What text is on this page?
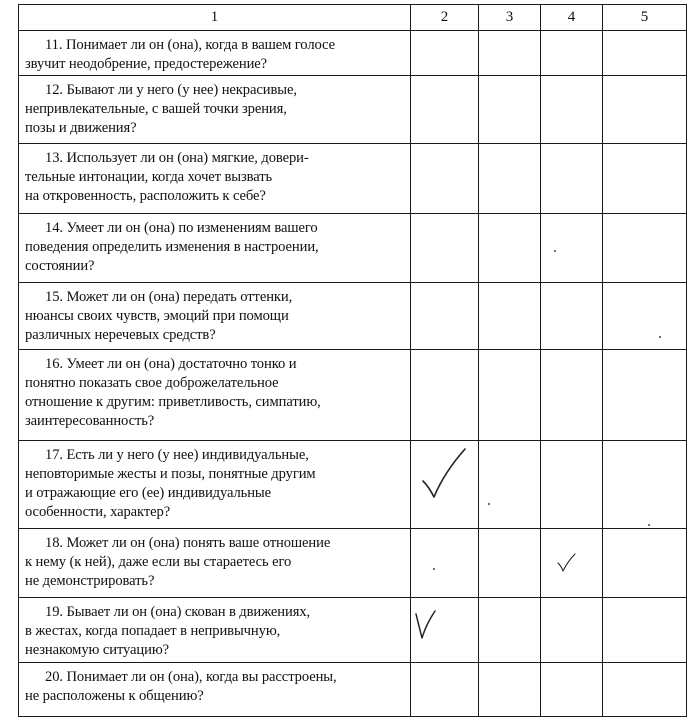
1	2	3	4	5

11. Понимает ли он (она), когда в вашем голосе
звучит неодобрение, предостережение?				

12. Бывают ли у него (у нее) некрасивые,
непривлекательные, с вашей точки зрения,
позы и движения?				

13. Использует ли он (она) мягкие, довери-
тельные интонации, когда хочет вызвать
на откровенность, расположить к себе?				

14. Умеет ли он (она) по изменениям вашего
поведения определить изменения в настроении,
состоянии?				

15. Может ли он (она) передать оттенки,
нюансы своих чувств, эмоций при помощи
различных неречевых средств?				

16. Умеет ли он (она) достаточно тонко и
понятно показать свое доброжелательное
отношение к другим: приветливость, симпатию,
заинтересованность?				

17. Есть ли у него (у нее) индивидуальные,
неповторимые жесты и позы, понятные другим
и отражающие его (ее) индивидуальные
особенности, характер?

18. Может ли он (она) понять ваше отношение
к нему (к ней), даже если вы стараетесь его
не демонстрировать?

19. Бывает ли он (она) скован в движениях,
в жестах, когда попадает в непривычную,
незнакомую ситуацию?

20. Понимает ли он (она), когда вы расстроены,
не расположены к общению?				
